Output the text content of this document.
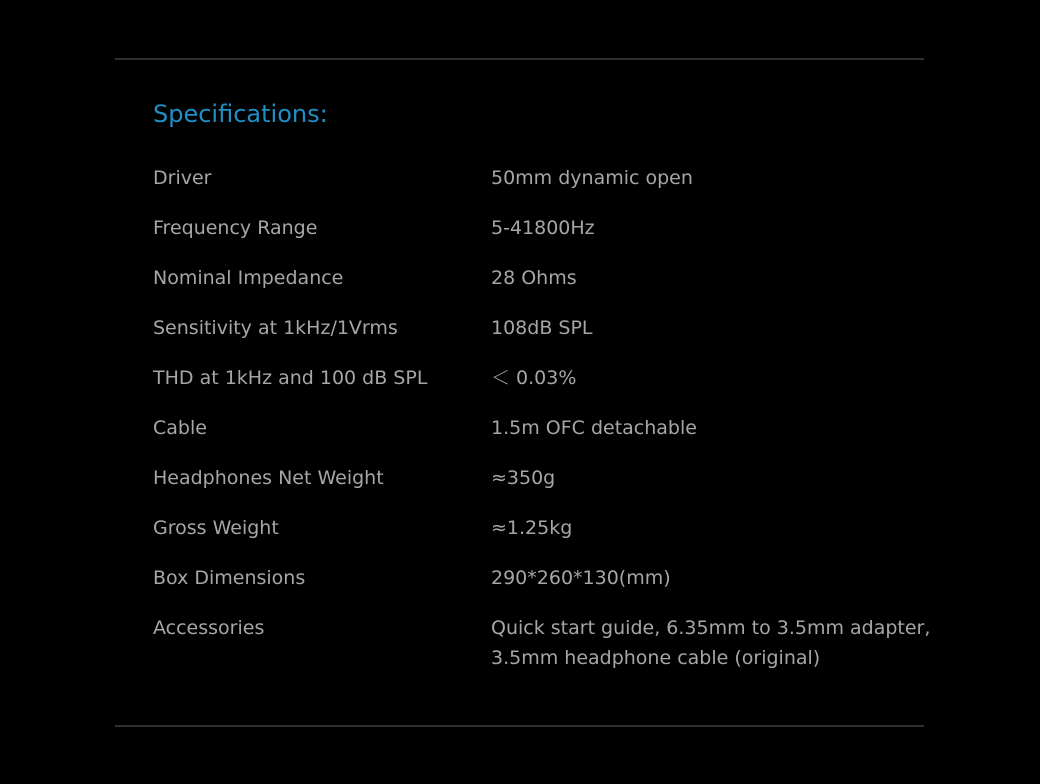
Specifications:
Driver	50mm dynamic open
Frequency Range	5-41800Hz
Nominal Impedance	28 Ohms
Sensitivity at 1kHz/1Vrms	108dB SPL
THD at 1kHz and 100 dB SPL	＜ 0.03%
Cable	1.5m OFC detachable
Headphones Net Weight	≈350g
Gross Weight	≈1.25kg
Box Dimensions	290*260*130(mm)
Accessories	Quick start guide, 6.35mm to 3.5mm adapter,
3.5mm headphone cable (original)
